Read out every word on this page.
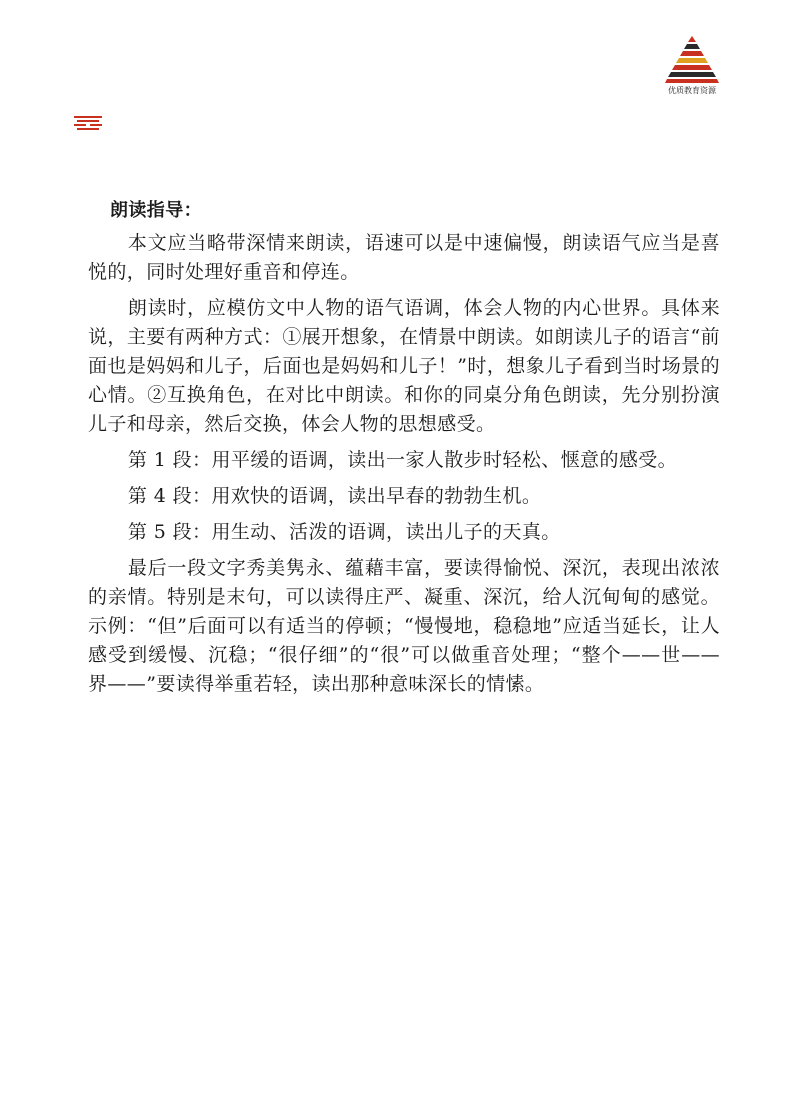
优质教育资源
朗读指导：

本文应当略带深情来朗读，语速可以是中速偏慢，朗读语气应当是喜悦的，同时处理好重音和停连。

朗读时，应模仿文中人物的语气语调，体会人物的内心世界。具体来说，主要有两种方式：①展开想象，在情景中朗读。如朗读儿子的语言“前面也是妈妈和儿子，后面也是妈妈和儿子！”时，想象儿子看到当时场景的心情。②互换角色，在对比中朗读。和你的同桌分角色朗读，先分别扮演儿子和母亲，然后交换，体会人物的思想感受。

第 1 段：用平缓的语调，读出一家人散步时轻松、惬意的感受。

第 4 段：用欢快的语调，读出早春的勃勃生机。

第 5 段：用生动、活泼的语调，读出儿子的天真。

最后一段文字秀美隽永、蕴藉丰富，要读得愉悦、深沉，表现出浓浓的亲情。特别是末句，可以读得庄严、凝重、深沉，给人沉甸甸的感觉。示例：“但”后面可以有适当的停顿；“慢慢地，稳稳地”应适当延长，让人感受到缓慢、沉稳；“很仔细”的“很”可以做重音处理；“整个——世——界——”要读得举重若轻，读出那种意味深长的情愫。
